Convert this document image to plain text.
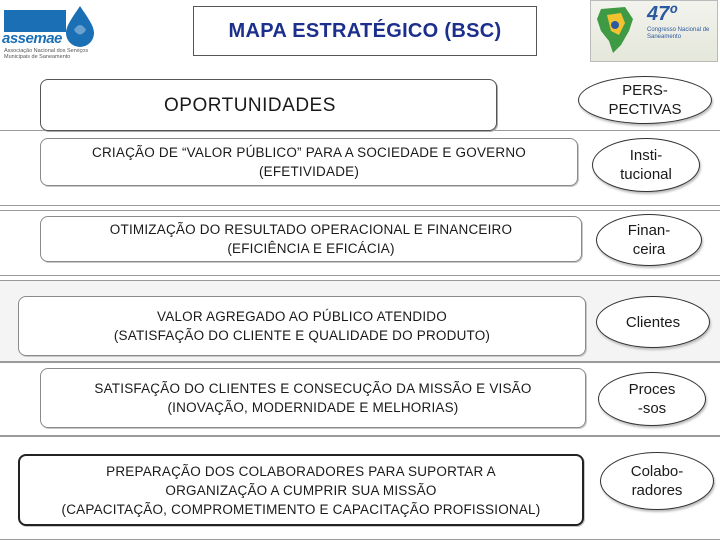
assemae
Associação Nacional dos Serviços Municipais de Saneamento
MAPA ESTRATÉGICO (BSC)
47º
Congresso Nacional de Saneamento
OPORTUNIDADES
PERS-
PECTIVAS
CRIAÇÃO DE “VALOR PÚBLICO” PARA A SOCIEDADE E GOVERNO
(EFETIVIDADE)
Insti-
tucional
OTIMIZAÇÃO DO RESULTADO OPERACIONAL E FINANCEIRO
(EFICIÊNCIA E EFICÁCIA)
Finan-
ceira
VALOR AGREGADO AO PÚBLICO ATENDIDO
(SATISFAÇÃO DO CLIENTE E QUALIDADE DO PRODUTO)
Clientes
SATISFAÇÃO DO CLIENTES E CONSECUÇÃO DA MISSÃO E VISÃO
(INOVAÇÃO, MODERNIDADE E MELHORIAS)
Proces
-sos
PREPARAÇÃO DOS COLABORADORES PARA SUPORTAR A
ORGANIZAÇÃO A CUMPRIR SUA MISSÃO
(CAPACITAÇÃO, COMPROMETIMENTO E CAPACITAÇÃO PROFISSIONAL)
Colabo-
radores
